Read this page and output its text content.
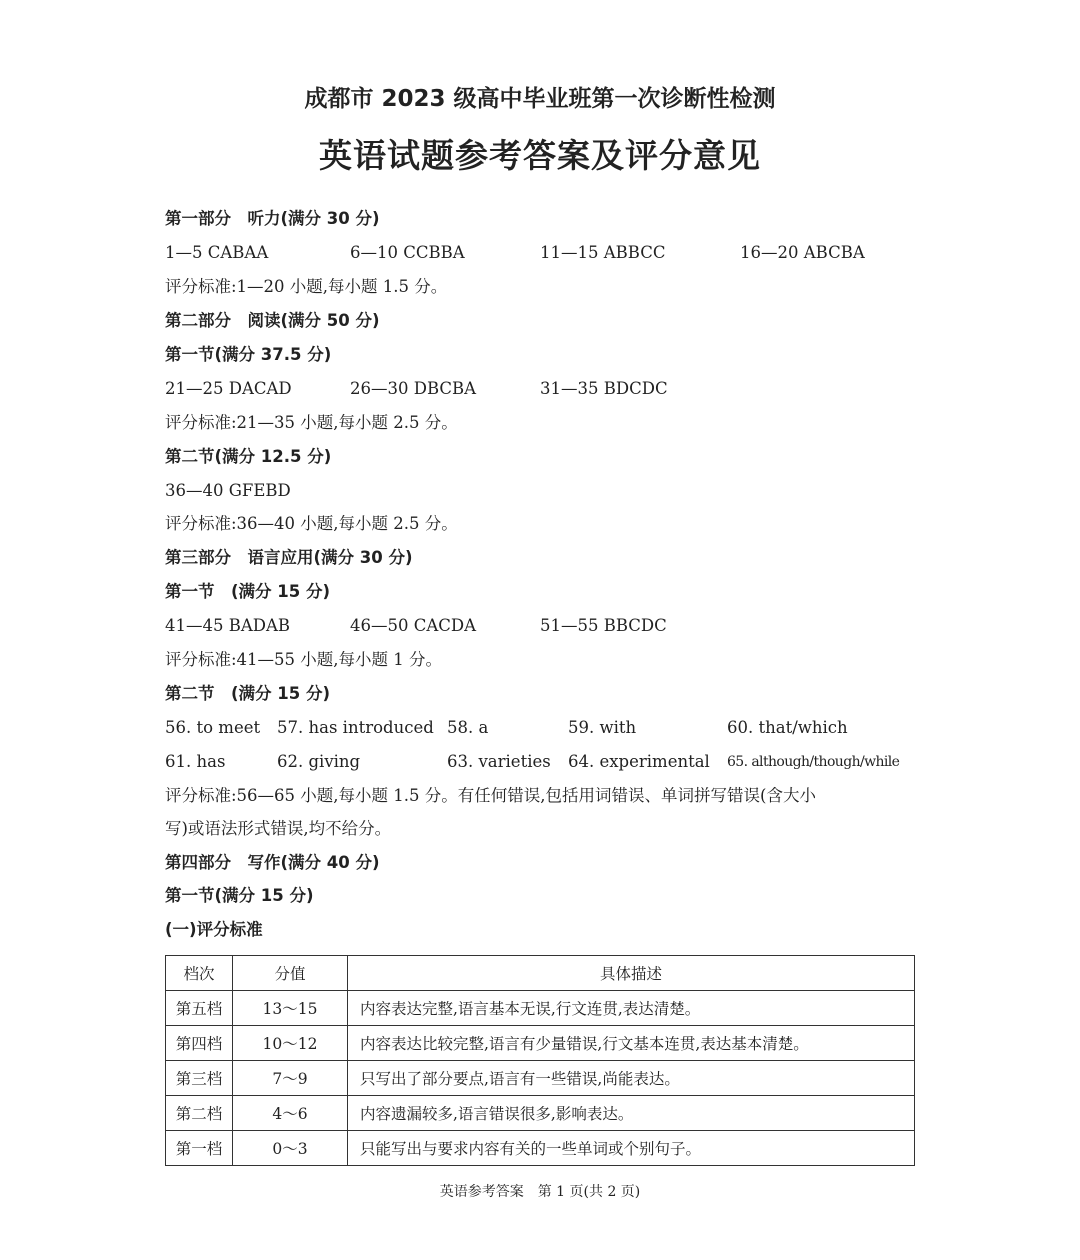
成都市 2023 级高中毕业班第一次诊断性检测
英语试题参考答案及评分意见
第一部分　听力(满分 30 分)
1—5 CABAA	6—10 CCBBA	11—15 ABBCC	16—20 ABCBA
评分标准:1—20 小题,每小题 1.5 分。
第二部分　阅读(满分 50 分)
第一节(满分 37.5 分)
21—25 DACAD	26—30 DBCBA	31—35 BDCDC
评分标准:21—35 小题,每小题 2.5 分。
第二节(满分 12.5 分)
36—40 GFEBD
评分标准:36—40 小题,每小题 2.5 分。
第三部分　语言应用(满分 30 分)
第一节　(满分 15 分)
41—45 BADAB	46—50 CACDA	51—55 BBCDC
评分标准:41—55 小题,每小题 1 分。
第二节　(满分 15 分)
56. to meet 57. has introduced 58. a	59. with	60. that/which
61. has	62. giving	63. varieties 64. experimental 65. although/though/while
评分标准:56—65 小题,每小题 1.5 分。有任何错误,包括用词错误、单词拼写错误(含大小
写)或语法形式错误,均不给分。
第四部分　写作(满分 40 分)
第一节(满分 15 分)
(一)评分标准
档次	分值	具体描述
第五档	13～15	内容表达完整,语言基本无误,行文连贯,表达清楚。
第四档	10～12	内容表达比较完整,语言有少量错误,行文基本连贯,表达基本清楚。
第三档	7～9	只写出了部分要点,语言有一些错误,尚能表达。
第二档	4～6	内容遗漏较多,语言错误很多,影响表达。
第一档	0～3	只能写出与要求内容有关的一些单词或个别句子。
英语参考答案　第 1 页(共 2 页)
